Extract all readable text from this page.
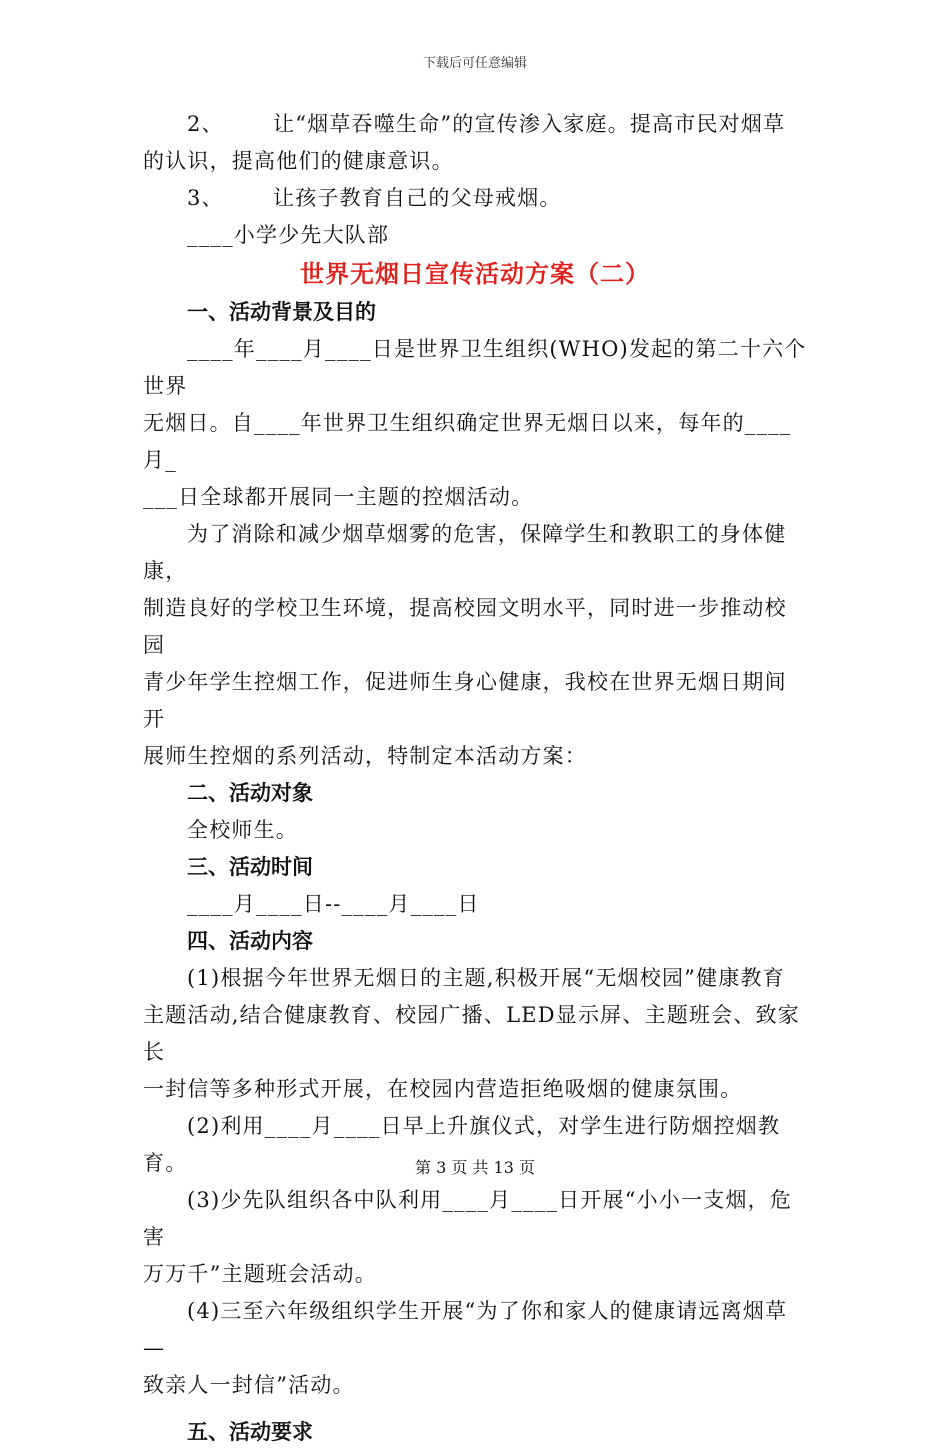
下载后可任意编辑
2、	让“烟草吞噬生命”的宣传渗入家庭。提高市民对烟草

的认识，提高他们的健康意识。

3、	让孩子教育自己的父母戒烟。

____小学少先大队部

世界无烟日宣传活动方案（二）

一、活动背景及目的

____年____月____日是世界卫生组织(WHO)发起的第二十六个世界

无烟日。自____年世界卫生组织确定世界无烟日以来，每年的____月_

___日全球都开展同一主题的控烟活动。

为了消除和减少烟草烟雾的危害，保障学生和教职工的身体健康，

制造良好的学校卫生环境，提高校园文明水平，同时进一步推动校园

青少年学生控烟工作，促进师生身心健康，我校在世界无烟日期间开

展师生控烟的系列活动，特制定本活动方案：

二、活动对象

全校师生。

三、活动时间

____月____日--____月____日

四、活动内容

(1)根据今年世界无烟日的主题,积极开展“无烟校园”健康教育

主题活动,结合健康教育、校园广播、LED显示屏、主题班会、致家长

一封信等多种形式开展，在校园内营造拒绝吸烟的健康氛围。

(2)利用____月____日早上升旗仪式，对学生进行防烟控烟教育。

(3)少先队组织各中队利用____月____日开展“小小一支烟，危害

万万千”主题班会活动。

(4)三至六年级组织学生开展“为了你和家人的健康请远离烟草—

致亲人一封信”活动。

五、活动要求

第 3 页 共 13 页
